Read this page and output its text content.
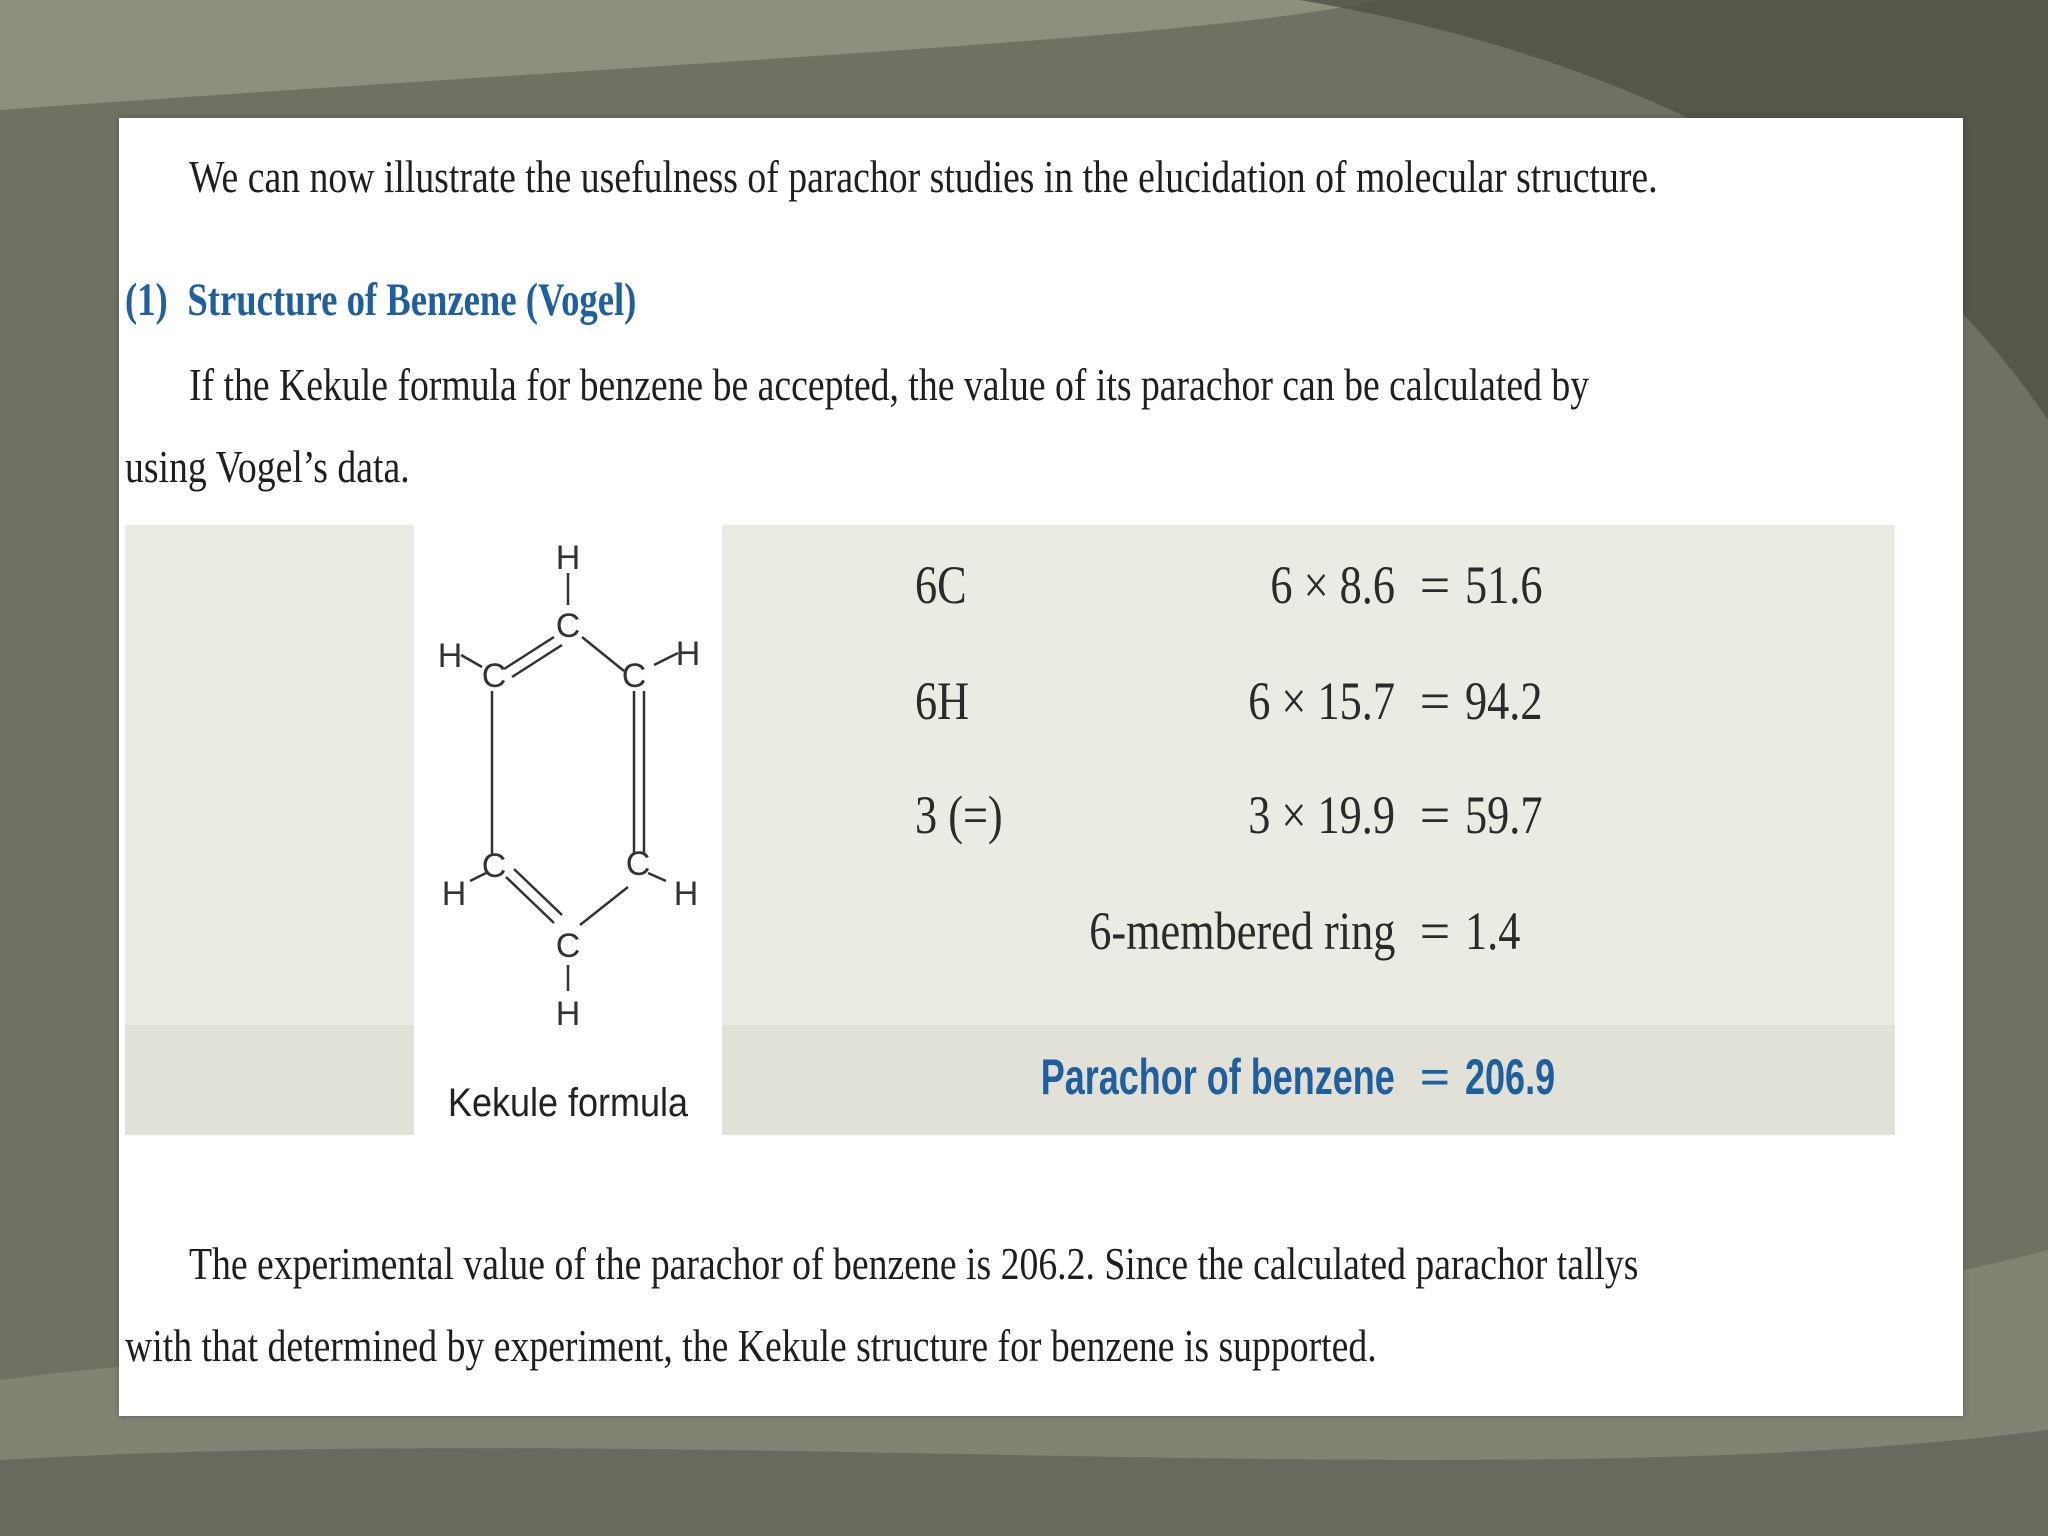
We can now illustrate the usefulness of parachor studies in the elucidation of molecular structure.

(1) Structure of Benzene (Vogel)

If the Kekule formula for benzene be accepted, the value of its parachor can be calculated by
using Vogel’s data.

H
C
H
C	C
H
C
H
C
H
C
H
Kekule formula
6C	6 × 8.6 = 51.6
6H	6 × 15.7 = 94.2
3 (=)	3 × 19.9 = 59.7
6-membered ring = 1.4
Parachor of benzene = 206.9

The experimental value of the parachor of benzene is 206.2. Since the calculated parachor tallys
with that determined by experiment, the Kekule structure for benzene is supported.
